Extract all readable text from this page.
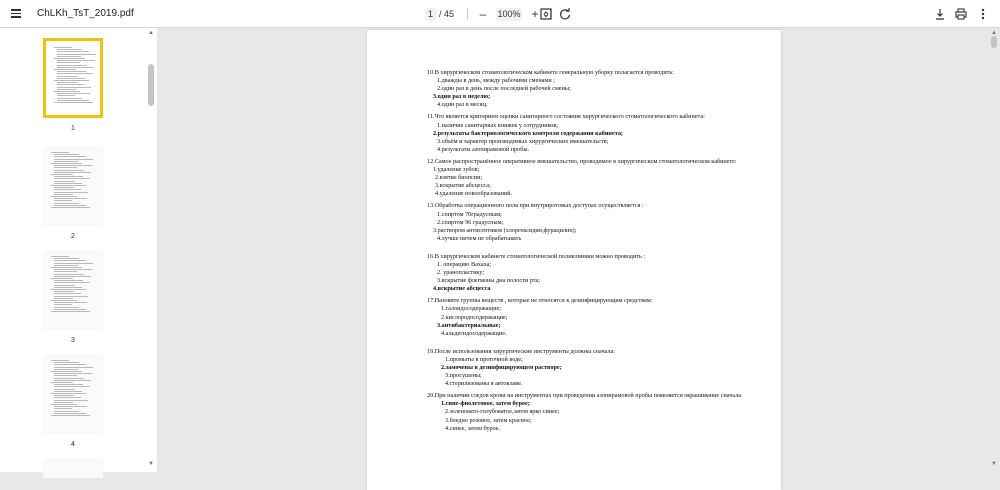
ChLKh_TsT_2019.pdf	1 / 45	–	100% +
1
2
3
4
▲
▼
▲
▼
10.В хирургическом стоматологическом кабинете генеральную уборку полагается проводить:
1.дважды в день, между рабочими сменами ;
2.один раз в день после последней рабочей смены;
3.один раз в неделю;
4.один раз в месяц.
11.Что является критерием оценки санитарного состояния хирургического стоматологического кабинета:
1.наличие санитарных книжек у сотрудников;
2.результаты бактериологического контроля содержания кабинета;
3.объём и характер производимых хирургических вмешательств;
4.результаты азопирамовой пробы.
12.Самое распространённое оперативное вмешательство, проводимое в хирургическом стоматологическом кабинете:
1.удаление зубов;
2.взятие биопсии;
3.вскрытие абсцесса;
4.удаление новообразований.
13.Обработка операционного поля при внутриротовых доступах осуществляется :
1.спиртом 70градусным;
2.спиртом 96 градусным;
3.раствором антисептиков (хлоргексидин,фурацилин);
4.лучше ничем не обрабатывать
16.В хирургическом кабинете стоматологической поликлиники можно проводить :
1. операцию Вахаха;
2. уранопластику;
3.вскрытие флегмоны дна полости рта;
4.вскрытие абсцесса
17.Назовите группы веществ , которые не относятся к дезинфицирующим средствам:
1.галоидосодержащие;
2.кислородосодержащие;
3.антибактериальные;
4.альдегидосодержащие.
19.После использования хирургические инструменты должны сначала:
1.промыты в проточной воде;
2.замочены в дезинфицирующем растворе;
3.просушены;
4.стерилизованы в автоклаве.
20.При наличии следов крови на инструментах при проведении азопирамовой пробы появляется окрашивание сначала
1.сине-фиолетовое, затем бурое;
2.зеленовато-голубоватое,затем ярко синее;
3.бледно розовое, затем красное;
4.синее, затем бурое.
